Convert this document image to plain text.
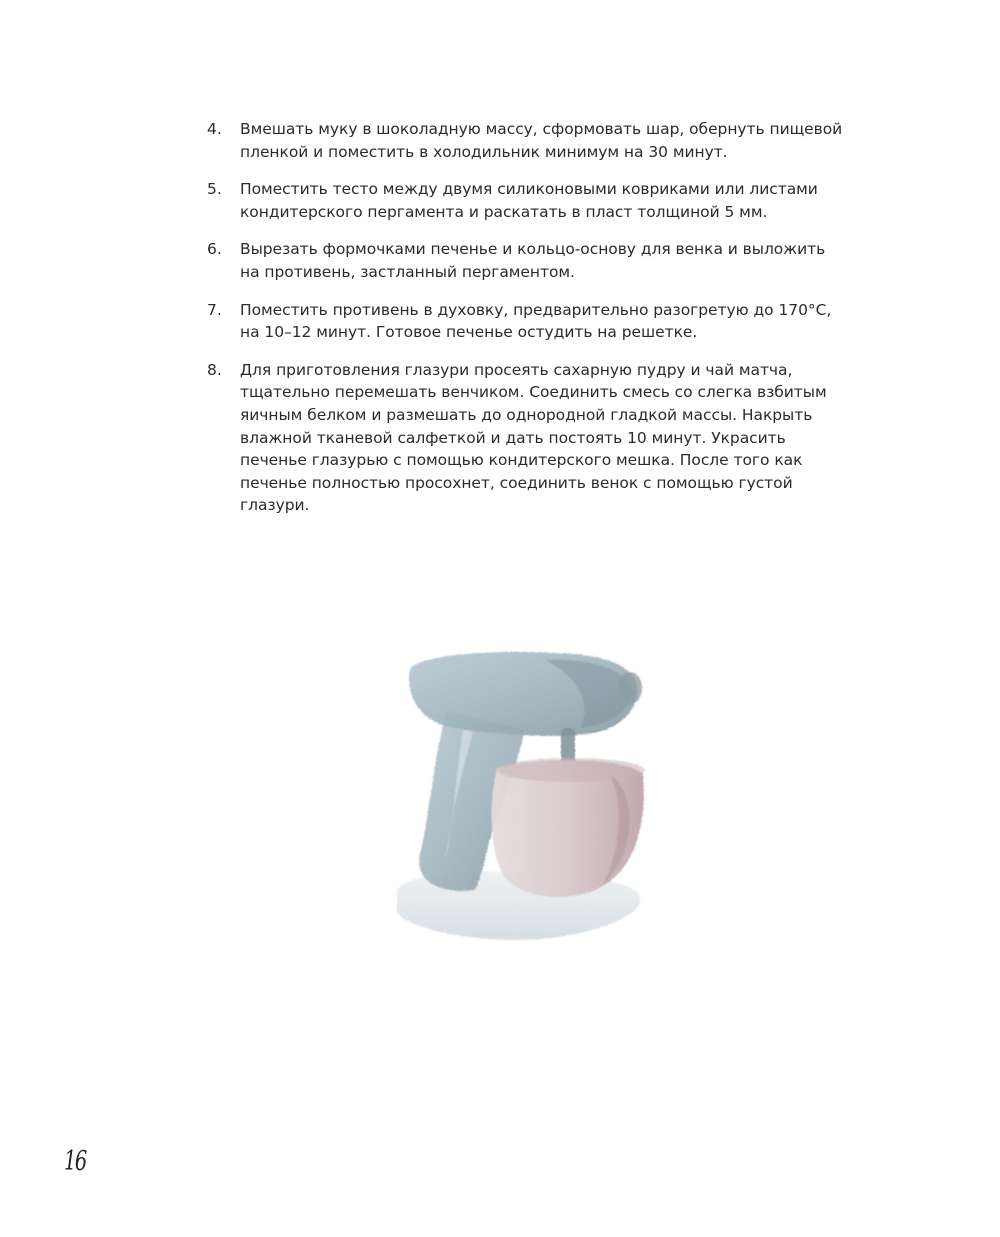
4.	Вмешать муку в шоколадную массу, сформовать шар, обернуть пищевой пленкой и поместить в холодильник минимум на 30 минут.
5.	Поместить тесто между двумя силиконовыми ковриками или листами кондитерского пергамента и раскатать в пласт толщиной 5 мм.
6.	Вырезать формочками печенье и кольцо-основу для венка и выложить на противень, застланный пергаментом.
7.	Поместить противень в духовку, предварительно разогретую до 170°С, на 10–12 минут. Готовое печенье остудить на решетке.
8.	Для приготовления глазури просеять сахарную пудру и чай матча, тщательно перемешать венчиком. Соединить смесь со слегка взбитым яичным белком и размешать до однородной гладкой массы. Накрыть влажной тканевой салфеткой и дать постоять 10 минут. Украсить печенье глазурью с помощью кондитерского мешка. После того как печенье полностью просохнет, соединить венок с помощью густой глазури.
16
